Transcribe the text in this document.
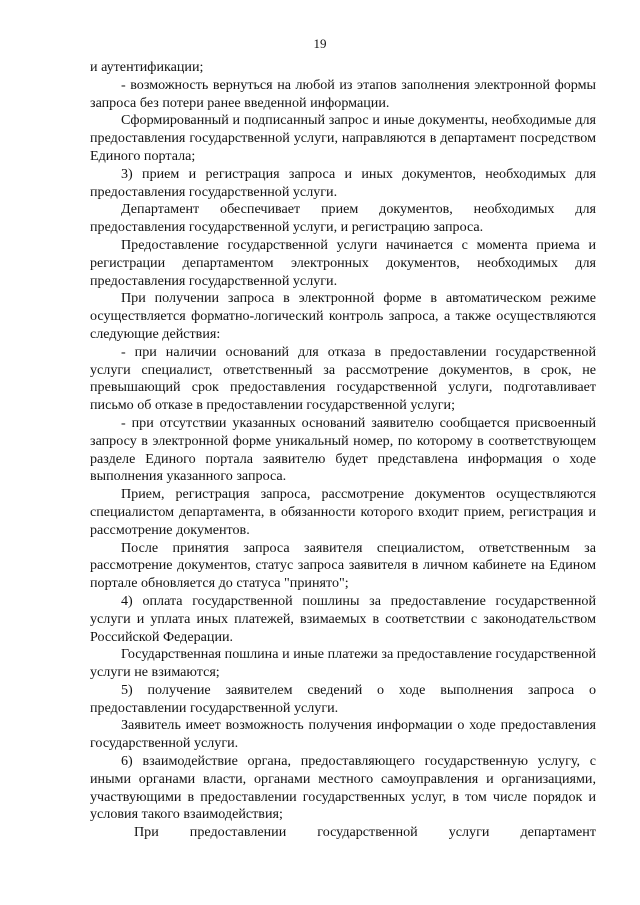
19

и аутентификации;

- возможность вернуться на любой из этапов заполнения электронной формы запроса без потери ранее введенной информации.

Сформированный и подписанный запрос и иные документы, необходимые для предоставления государственной услуги, направляются в департамент посредством Единого портала;

3) прием и регистрация запроса и иных документов, необходимых для предоставления государственной услуги.

Департамент обеспечивает прием документов, необходимых для предоставления государственной услуги, и регистрацию запроса.

Предоставление государственной услуги начинается с момента приема и регистрации департаментом электронных документов, необходимых для предоставления государственной услуги.

При получении запроса в электронной форме в автоматическом режиме осуществляется форматно-логический контроль запроса, а также осуществляются следующие действия:

- при наличии оснований для отказа в предоставлении государственной услуги специалист, ответственный за рассмотрение документов, в срок, не превышающий срок предоставления государственной услуги, подготавливает письмо об отказе в предоставлении государственной услуги;

- при отсутствии указанных оснований заявителю сообщается присвоенный запросу в электронной форме уникальный номер, по которому в соответствующем разделе Единого портала заявителю будет представлена информация о ходе выполнения указанного запроса.

Прием, регистрация запроса, рассмотрение документов осуществляются специалистом департамента, в обязанности которого входит прием, регистрация и рассмотрение документов.

После принятия запроса заявителя специалистом, ответственным за рассмотрение документов, статус запроса заявителя в личном кабинете на Едином портале обновляется до статуса "принято";

4) оплата государственной пошлины за предоставление государственной услуги и уплата иных платежей, взимаемых в соответствии с законодательством Российской Федерации.

Государственная пошлина и иные платежи за предоставление государственной услуги не взимаются;

5) получение заявителем сведений о ходе выполнения запроса о предоставлении государственной услуги.

Заявитель имеет возможность получения информации о ходе предоставления государственной услуги.

6) взаимодействие органа, предоставляющего государственную услугу, с иными органами власти, органами местного самоуправления и организациями, участвующими в предоставлении государственных услуг, в том числе порядок и условия такого взаимодействия;

При предоставлении государственной услуги департамент
